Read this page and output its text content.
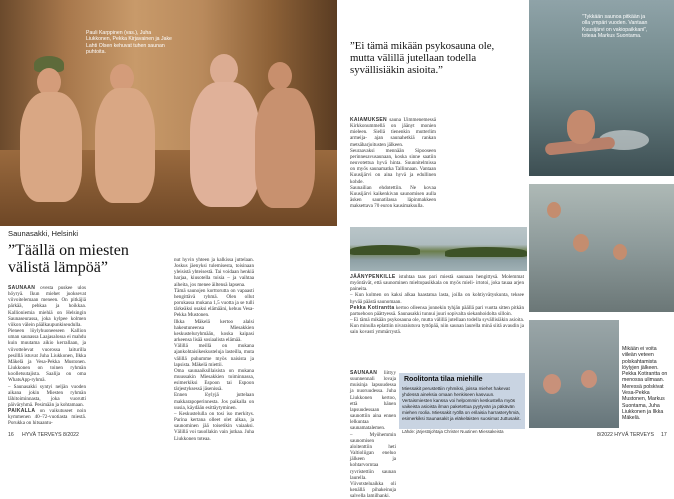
Pauli Karppinen (vas.), Juha Liukkonen, Pekka Kirjavainen ja Jake Lahti Olsen kehuvat tuhen saunan puhtoita.
”Tykkään saunoa pitkään ja olla ympäri vuoden. Vantaan Kuusijärvi on vakiopaikkani”, toteaa Markus Suontama.
Mikään ei voita viileän veteen polskahtamista löylyjen jälkeen. Pekka Kotirantta on menossa ulimaan. Meressä polskivat Vesa-Pekka Mustonen, Markus Suontama, Juha Liukkonen ja Ilkka Mäkelä.
Saunasakki, Helsinki
”Täällä on miesten välistä lämpöä”

SAUNAAN ovesta puskee ulos höyryä. Ikun miehet juoksevat viivoitelemaan meneen. On pitkäjiä pärkää, pehkaa ja hoikkaa. Kallioniemia miehiä on Helsingin Saunaseurassa, joka kylpee kolmen viikon välein päälkaupunkiseudulla.

Pieneen löylyhuoneeseen Kallion uman saunassa Laajasalossa ei mahdu kuin muutama aikio kerrallaan, ja viivottelevat vuorossa laiturilla pesilllä istuvat Juha Liukkonen, Ilkka Mäkelä ja Vesa-Pekka Mustonen. Liukkonen on toinen ryhmän koolletsutajista. Saalija on oma WhatsApp-ryhmä.

– Saunasakki syntyi neljän vuoden aikana jokin Miesten ryhmän lähitoiminnasta, joka vuorutti päiväryhmä. Pesimään ja kohtamaan.

PAIKALLA on vaikutuseet noin kymmenen 40–72-vuotiasta miestä. Porukka on hitsaantu-

nut hyvin yhteen ja kalkissa juttelaan. Joskus jäenyksi tulemisesta, toisinaan yleisistä yhteisestä. Tai voidaan henkiä harjaa, kiusotella toisia – ja vaihtaa aiheita, jos menee äiltensä lapsena.

Tämä saunojen korttorutta on vapaasti hengittävä ryhmä. Olen ollut porukassa mukana 1,5 vuotta ja se tulli tärkeäksi osaksi elämääni, kehuu Vesa-Pekka Mustonen.

Ilkka Mäkelä kertoo alalsi hakeutuneensa Miesakkien keskusteluryhmään, koska kaipasi arkeensa lisää sosiaalista elämää.

Välillä meillä on mukana ajankohtaisikeskusteluja lasteilla, muta välillä puhumme myös naisista ja lapsista. Mäkelä miettii.

Oma saunaaiksillaisista on mukana muussakin Miesakkien toiminnassa, esimerkiksi Espoon tai Espoon tärjestyksessä jäsenissä.

Ennen löylyjä juttelaan makkarapoperinnesta. Jos paikalla on uusia, käydään esittäytyminen.

– Keskustelulla on tosi iso merkitys. Parina kertana olleet olet alkaa, ja saunominen jää toisetikin vaiaaksi. Välillä voi tauollakin vain jutkaa. Juha Liukkonen toteaa.

”Ei tämä mikään psykosauna ole, mutta välillä jutellaan todella syvällisiäkin asioita.”

KAIAMUKSEN sauna Uimmenemessä Kirkkonummellä on jäänyt monien mieleen. Siellä tienenkin mutterlim armeija- ajan saunahetkiä rankan metsäharjoitusten jälkeen.

Seuraavaksi mennään Sipooseen perinnesavusaunaan, koska sinne saatiin neuvotettua hyvä hinta. Suunnitelmissa on myös saunamatka Tallinnaan. Vantaan Kuusijärvi on aina hyvä ja edullinen kohde.

Saunailian ehdotettiin. Ne kovaa Kuusijärvi kaikenkivan saunomisen aulla äsken saunatilassa läpinmakkeen maksettava 70 euron kausimaksulla.

JÄÄNYPENKILLE istuhtaa taas pari miestä saunaan hengittysä. Molemmat myöntävät, että saunominen mieltopasikkala on myös mieli- irtotoi, joka tauaa arjen paineita.

– Kun kolmen on kaksi alkaa haastatua lasta, joilla on kohtiyvätyskunta, teksee hyvää päästä saunomaan.

Pekka Kotirantta kertoo olleensa jonnekin tyhjän päällä pari vuotta sitten pitkän partuehoon päättyessä. Saunasakki tunnui juuri sopivalta siekanhoidolta silloin.

– Ei tämä mikään psykosauna ole, mutta välillä jutellaan todella syvällisiäkin asioita. Kun minulla eplattiin nivaraiutuva tyttöpää, niin saunan laurella minä siitä avaudin ja sain kovasti ymmärrystä.

SAUNAAN liittyy suunnennali lovaja muisinja lapsuudessa ja nuoruudessa. Juha Liukkonen kertoo, että hänen lapsuudessaan saunottiin aina ennen lelkuntaa saunamatalemen.

– Myöhemmin saunomisen aloitenttiin heti Valtioliigan eneluo jälkeen ja kohtarvorntaa ryvristettiin saunan laurella. Viivotsteluaikka oli kenällä pihakeinuja salvella lamilhanki.

Roolitonta tilaa miehille
Miessakit perustettiin ryhmiksi, joissa miehet hakevat yhdessä aineksia omaan henkiseen kasvuun. Vertaismiesten kanssa voi helpommin keskustella myös vaikeista asioista ilman paketettua pyytyvän ja päkävän miehen roolia. Miessakit ryöllä on erilaisia harrasteryhmiä, esimerkiksi Saunasakit ja eläkeläisten suosimat Juttusakit.
Lähde: järjestöjohtaja Christer Nuutinen Miessakeista
16 HYVÄ TERVEYS 8/2022	8/2022 HYVÄ TERVEYS 17
